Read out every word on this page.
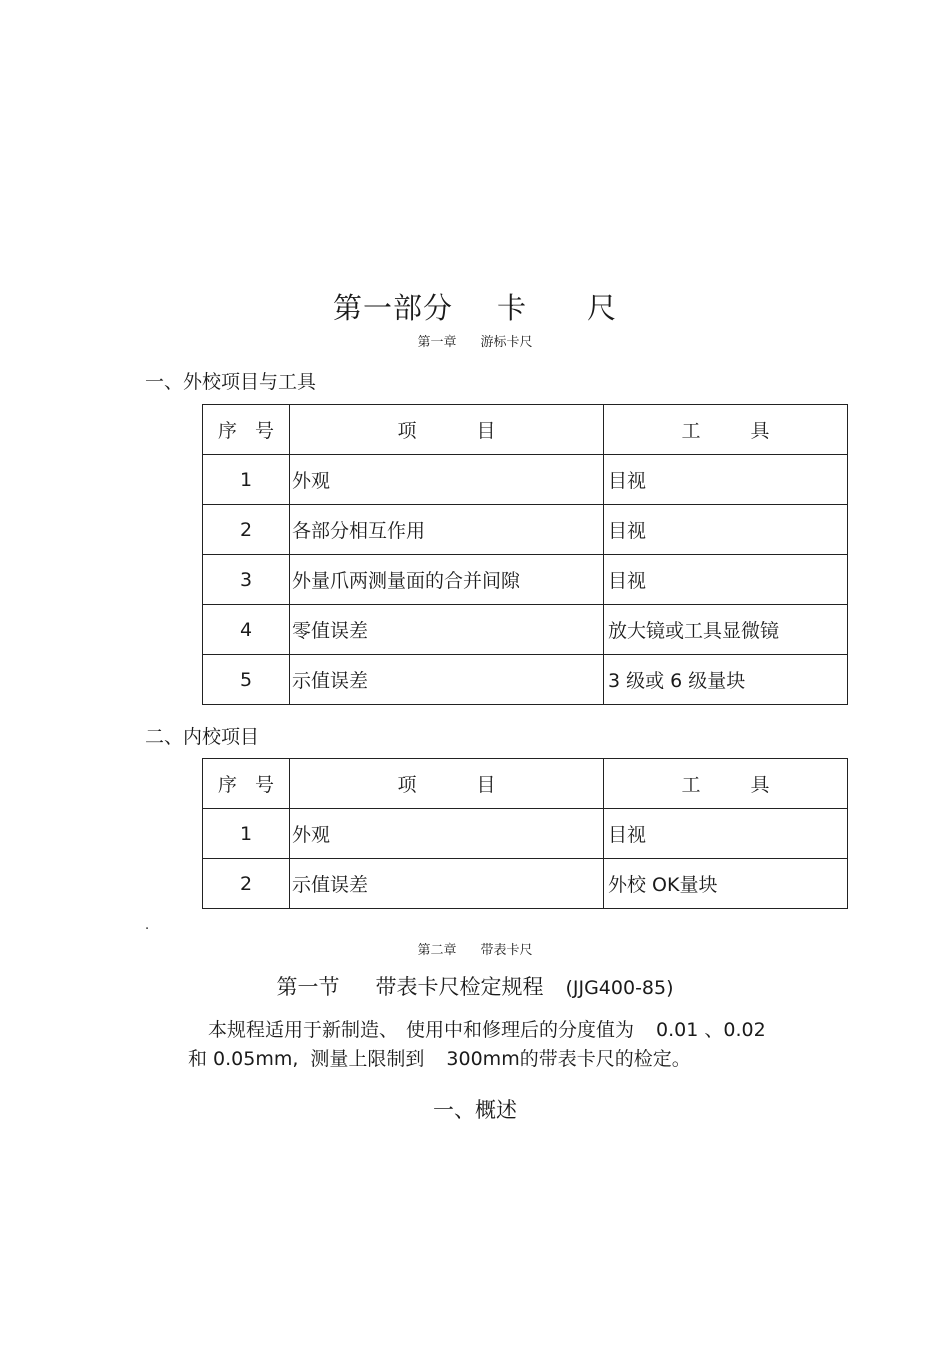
第一部分 卡 尺
第一章 游标卡尺
一、外校项目与工具
序 号	项 目	工 具
1	外观	目视
2	各部分相互作用	目视
3	外量爪两测量面的合并间隙	目视
4	零值误差	放大镜或工具显微镜
5	示值误差	3 级或 6 级量块
二、内校项目
序 号	项 目	工 具
1	外观	目视
2	示值误差	外校 OK量块
.
第二章 带表卡尺
第一节 带表卡尺检定规程 (JJG400-85)
本规程适用于新制造、 使用中和修理后的分度值为 0.01 、0.02
和 0.05mm, 测量上限制到 300mm的带表卡尺的检定。
一、概述
